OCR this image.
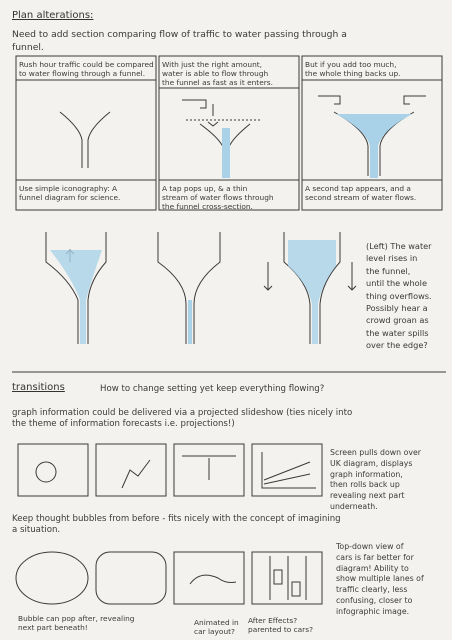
Plan alterations:
Need to add section comparing flow of traffic to water passing through a
funnel.
Rush hour traffic could be compared
to water flowing through a funnel.
With just the right amount,
water is able to flow through
the funnel as fast as it enters.
But if you add too much,
the whole thing backs up.
Use simple iconography: A
funnel diagram for science.
A tap pops up, & a thin
stream of water flows through
the funnel cross-section.
A second tap appears, and a
second stream of water flows.
(Left) The water
level rises in
the funnel,
until the whole
thing overflows.
Possibly hear a
crowd groan as
the water spills
over the edge?
transitions	How to change setting yet keep everything flowing?
graph information could be delivered via a projected slideshow (ties nicely into
the theme of information forecasts i.e. projections!)
Screen pulls down over
UK diagram, displays
graph information,
then rolls back up
revealing next part
underneath.
Keep thought bubbles from before - fits nicely with the concept of imagining
a situation.
Top-down view of
cars is far better for
diagram! Ability to
show multiple lanes of
traffic clearly, less
confusing, closer to
infographic image.
Bubble can pop after, revealing
next part beneath!
Animated in
car layout?
After Effects?
parented to cars?
